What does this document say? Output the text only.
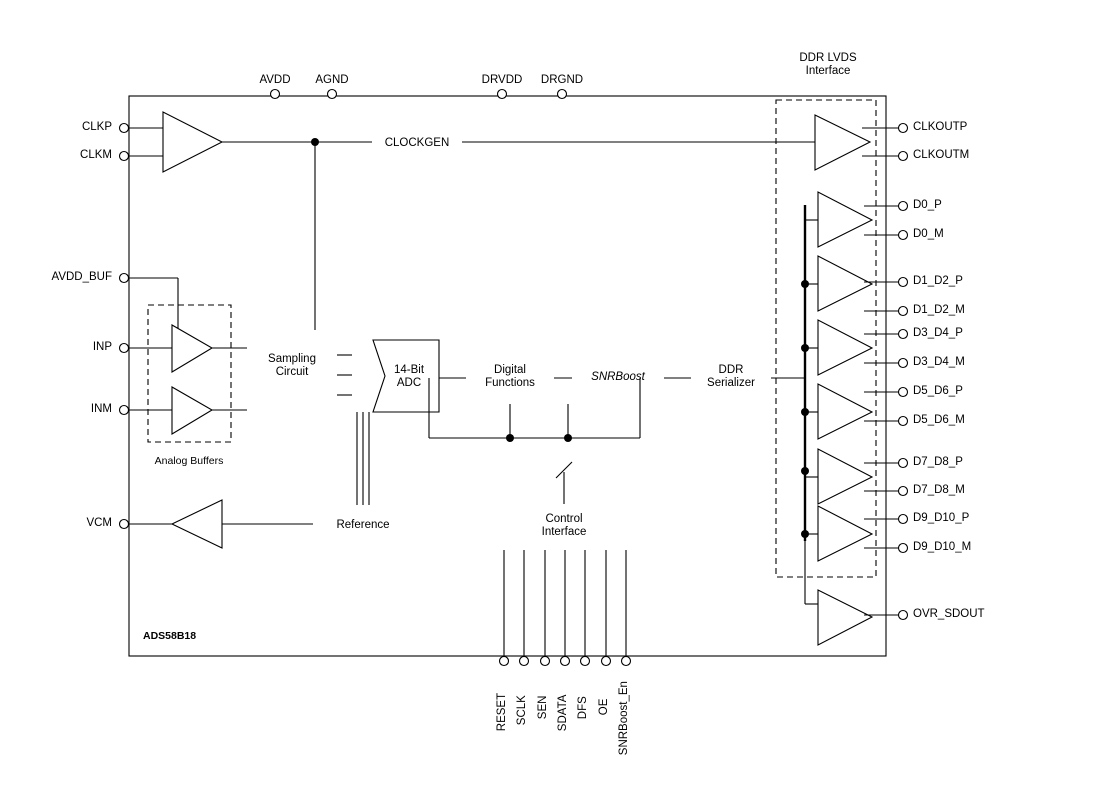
AVDD AGND	DRVDD DRGND
DDR LVDS
Interface
CLKP
CLKM
AVDD_BUF
INP
INM
VCM
CLKOUTP
CLKOUTM
D0_P
D0_M
D1_D2_P
D1_D2_M
D3_D4_P
D3_D4_M
D5_D6_P
D5_D6_M
D7_D8_P
D7_D8_M
D9_D10_P
D9_D10_M
OVR_SDOUT
RESET SCLK SEN SDATA DFS OE SNRBoost_En
CLOCKGEN
Sampling
Circuit	14-Bit
ADC
Digital
Functions
SNRBoost
DDR
Serializer
Reference	Control
Interface
Analog Buffers
ADS58B18
